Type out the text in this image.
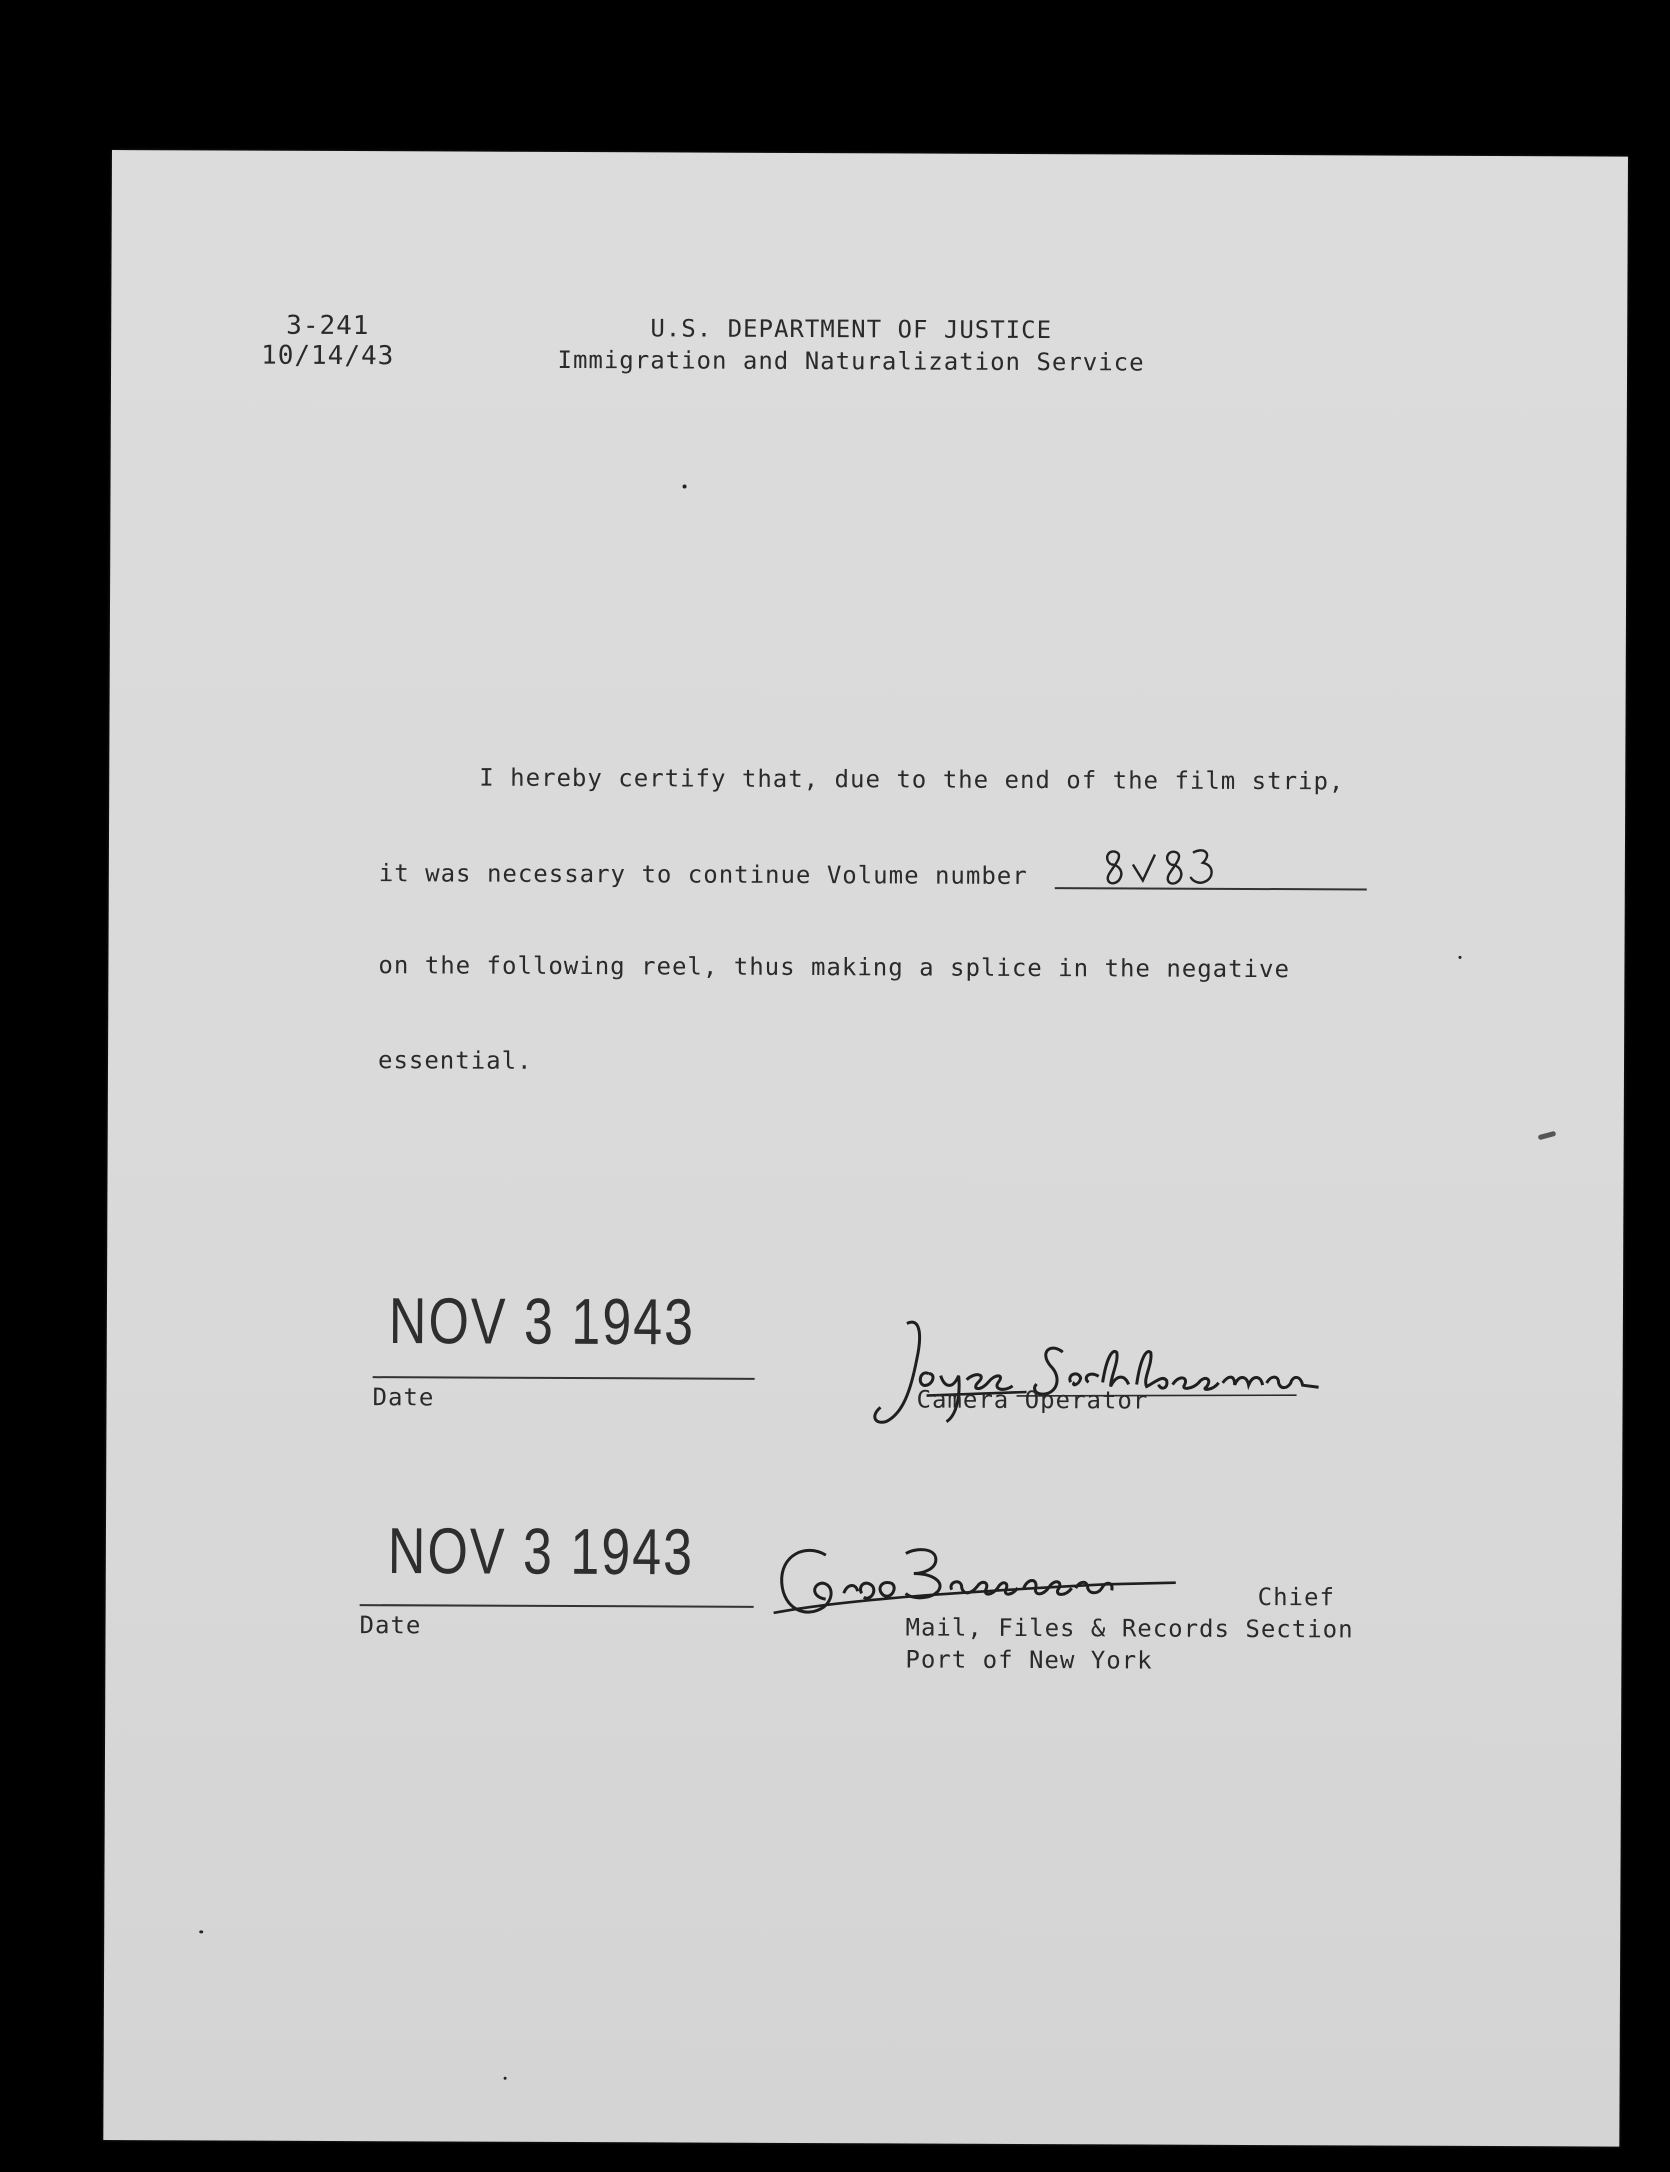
3-241
10/14/43
U.S. DEPARTMENT OF JUSTICE
Immigration and Naturalization Service
I hereby certify that, due to the end of the film strip,
it was necessary to continue Volume number
on the following reel, thus making a splice in the negative
essential.
NOV 3 1943
Date	Camera Operator
NOV 3 1943
Date
Chief
Mail, Files & Records Section
Port of New York
